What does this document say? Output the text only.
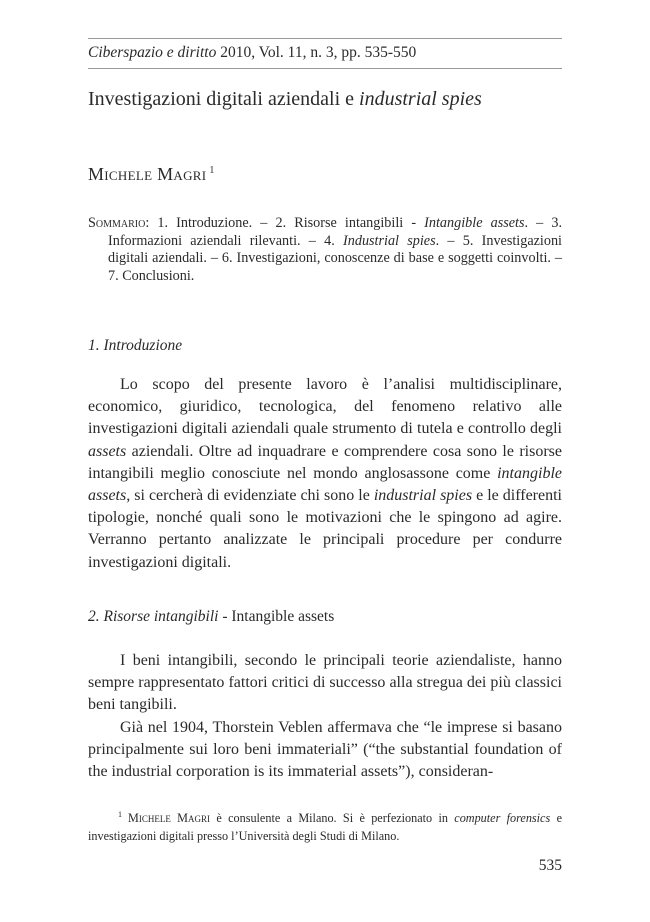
Ciberspazio e diritto 2010, Vol. 11, n. 3, pp. 535-550
Investigazioni digitali aziendali e industrial spies
Michele Magri $^1$
Sommario: 1. Introduzione. – 2. Risorse intangibili - Intangible assets. – 3. Informazioni aziendali rilevanti. – 4. Industrial spies. – 5. Investigazioni digitali aziendali. – 6. Investigazioni, conoscenze di base e soggetti coinvolti. – 7. Conclusioni.
1. Introduzione

Lo scopo del presente lavoro è l’analisi multidisciplinare, economico, giuridico, tecnologica, del fenomeno relativo alle investigazioni digitali aziendali quale strumento di tutela e controllo degli assets aziendali. Oltre ad inquadrare e comprendere cosa sono le risorse intangibili meglio conosciute nel mondo anglosassone come intangible assets, si cercherà di evidenziate chi sono le industrial spies e le differenti tipologie, nonché quali sono le motivazioni che le spingono ad agire. Verranno pertanto analizzate le principali procedure per condurre investigazioni digitali.

2. Risorse intangibili - Intangible assets

I beni intangibili, secondo le principali teorie aziendaliste, hanno sempre rappresentato fattori critici di successo alla stregua dei più classici beni tangibili.

Già nel 1904, Thorstein Veblen affermava che “le imprese si basano principalmente sui loro beni immateriali” (“the substantial foundation of the industrial corporation is its immaterial assets”), consideran-

$^1$ Michele Magri è consulente a Milano. Si è perfezionato in computer forensics e investigazioni digitali presso l’Università degli Studi di Milano.
535
